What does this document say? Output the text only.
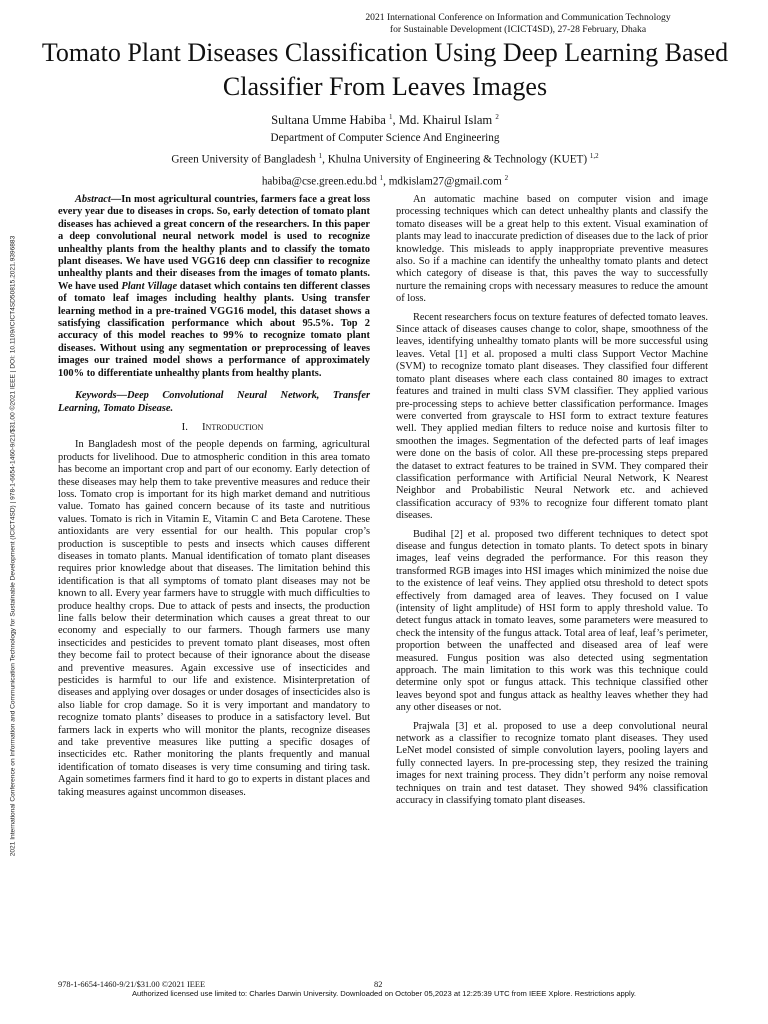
2021 International Conference on Information and Communication Technology
for Sustainable Development (ICICT4SD), 27-28 February, Dhaka
Tomato Plant Diseases Classification Using Deep Learning Based Classifier From Leaves Images
Sultana Umme Habiba $^1$, Md. Khairul Islam $^2$
Department of Computer Science And Engineering
Green University of Bangladesh $^1$, Khulna University of Engineering & Technology (KUET) $^{1,2}$
habiba@cse.green.edu.bd $^1$, mdkislam27@gmail.com $^2$
2021 International Conference on Information and Communication Technology for Sustainable Development (ICICT4SD) | 978-1-6654-1460-9/21/$31.00 ©2021 IEEE | DOI: 10.1109/ICICT4SD50815.2021.9396883

Abstract—In most agricultural countries, farmers face a great loss every year due to diseases in crops. So, early detection of tomato plant diseases has achieved a great concern of the researchers. In this paper a deep convolutional neural network model is used to recognize unhealthy plants from the healthy plants and to classify the tomato plant diseases. We have used VGG16 deep cnn classifier to recognize unhealthy plants and their diseases from the images of tomato plants. We have used Plant Village dataset which contains ten different classes of tomato leaf images including healthy plants. Using transfer learning method in a pre-trained VGG16 model, this dataset shows a satisfying classification performance which about 95.5%. Top 2 accuracy of this model reaches to 99% to recognize tomato plant diseases. Without using any segmentation or preprocessing of leaves images our trained model shows a performance of approximately 100% to differentiate unhealthy plants from healthy plants.

Keywords—Deep Convolutional Neural Network, Transfer Learning, Tomato Disease.

I. Introduction

In Bangladesh most of the people depends on farming, agricultural products for livelihood. Due to atmospheric condition in this area tomato has become an important crop and part of our economy. Early detection of these diseases may help them to take preventive measures and reduce their loss. Tomato crop is important for its high market demand and nutritious value. Tomato has gained concern because of its taste and nutritious values. Tomato is rich in Vitamin E, Vitamin C and Beta Carotene. These antioxidants are very essential for our health. This popular crop’s production is susceptible to pests and insects which causes different diseases in tomato plants. Manual identification of tomato plant diseases requires prior knowledge about that diseases. The limitation behind this identification is that all symptoms of tomato plant diseases may not be known to all. Every year farmers have to struggle with much difficulties to produce healthy crops. Due to attack of pests and insects, the production line falls below their determination which causes a great threat to our economy and especially to our farmers. Though farmers use many insecticides and pesticides to prevent tomato plant diseases, most often they become fail to protect because of their ignorance about the disease and preventive measures. Again excessive use of insecticides and pesticides is harmful to our life and existence. Misinterpretation of diseases and applying over dosages or under dosages of insecticides also is also liable for crop damage. So it is very important and mandatory to recognize tomato plants’ diseases to produce in a satisfactory level. But farmers lack in experts who will monitor the plants, recognize diseases and take preventive measures like putting a specific dosages of insecticides etc. Rather monitoring the plants frequently and manual identification of tomato diseases is very time consuming and tiring task. Again sometimes farmers find it hard to go to experts in distant places and taking measures against uncommon diseases.

An automatic machine based on computer vision and image processing techniques which can detect unhealthy plants and classify the tomato diseases will be a great help to this extent. Visual examination of plants may lead to inaccurate prediction of diseases due to the lack of prior knowledge. This misleads to apply inappropriate preventive measures also. So if a machine can identify the unhealthy tomato plants and detect which category of disease is that, this paves the way to successfully nurture the remaining crops with necessary measures to reduce the amount of loss.

Recent researchers focus on texture features of defected tomato leaves. Since attack of diseases causes change to color, shape, smoothness of the leaves, identifying unhealthy tomato plants will be more successful using leaves. Vetal [1] et al. proposed a multi class Support Vector Machine (SVM) to recognize tomato plant diseases. They classified four different tomato plant diseases where each class contained 80 images to extract features and trained in multi class SVM classifier. They applied various pre-processing steps to achieve better classification performance. Images were converted from grayscale to HSI form to extract texture features well. They applied median filters to reduce noise and kurtosis filter to smoothen the images. Segmentation of the defected parts of leaf images were done on the basis of color. All these pre-processing steps prepared the dataset to extract features to be trained in SVM. They compared their classification performance with Artificial Neural Network, K Nearest Neighbor and Probabilistic Neural Network etc. and achieved classification accuracy of 93% to recognize four different tomato plant diseases.

Budihal [2] et al. proposed two different techniques to detect spot disease and fungus detection in tomato plants. To detect spots in binary images, leaf veins degraded the performance. For this reason they transformed RGB images into HSI images which minimized the noise due to the existence of leaf veins. They applied otsu threshold to detect spots effectively from damaged area of leaves. They focused on I value (intensity of light amplitude) of HSI form to apply threshold value. To detect fungus attack in tomato leaves, some parameters were measured to check the intensity of the fungus attack. Total area of leaf, leaf’s perimeter, proportion between the unaffected and diseased area of leaf were measured. Fungus position was also detected using segmentation approach. The main limitation to this work was this technique could determine only spot or fungus attack. This technique classified other leaves beyond spot and fungus attack as healthy leaves whether they had any other diseases or not.

Prajwala [3] et al. proposed to use a deep convolutional neural network as a classifier to recognize tomato plant diseases. They used LeNet model consisted of simple convolution layers, pooling layers and fully connected layers. In pre-processing step, they resized the training images for next training process. They didn’t perform any noise removal techniques on train and test dataset. They showed 94% classification accuracy in classifying tomato plant diseases.

978-1-6654-1460-9/21/$31.00 ©2021 IEEE	82
Authorized licensed use limited to: Charles Darwin University. Downloaded on October 05,2023 at 12:25:39 UTC from IEEE Xplore. Restrictions apply.
